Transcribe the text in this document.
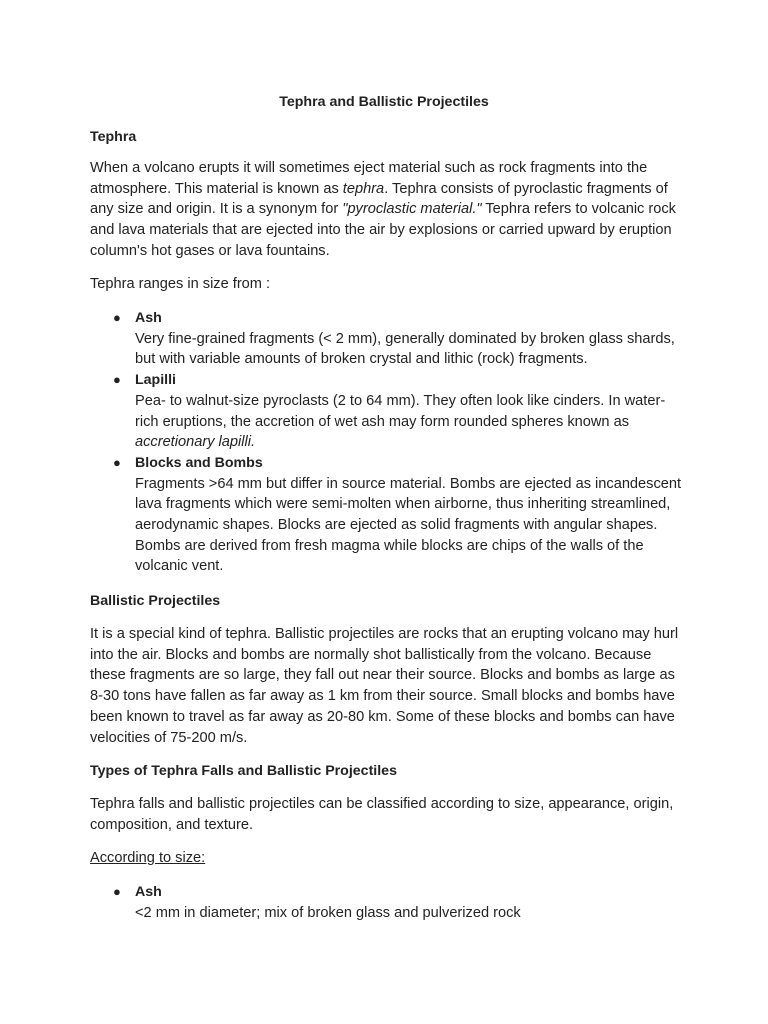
Tephra and Ballistic Projectiles

Tephra

When a volcano erupts it will sometimes eject material such as rock fragments into the atmosphere. This material is known as tephra. Tephra consists of pyroclastic fragments of any size and origin. It is a synonym for "pyroclastic material." Tephra refers to volcanic rock and lava materials that are ejected into the air by explosions or carried upward by eruption column's hot gases or lava fountains.

Tephra ranges in size from :

● Ash
Very fine-grained fragments (< 2 mm), generally dominated by broken glass shards, but with variable amounts of broken crystal and lithic (rock) fragments.
● Lapilli
Pea- to walnut-size pyroclasts (2 to 64 mm). They often look like cinders. In water-rich eruptions, the accretion of wet ash may form rounded spheres known as accretionary lapilli.
● Blocks and Bombs
Fragments >64 mm but differ in source material. Bombs are ejected as incandescent lava fragments which were semi-molten when airborne, thus inheriting streamlined, aerodynamic shapes. Blocks are ejected as solid fragments with angular shapes. Bombs are derived from fresh magma while blocks are chips of the walls of the volcanic vent.

Ballistic Projectiles

It is a special kind of tephra. Ballistic projectiles are rocks that an erupting volcano may hurl into the air. Blocks and bombs are normally shot ballistically from the volcano. Because these fragments are so large, they fall out near their source. Blocks and bombs as large as 8-30 tons have fallen as far away as 1 km from their source. Small blocks and bombs have been known to travel as far away as 20-80 km. Some of these blocks and bombs can have velocities of 75-200 m/s.

Types of Tephra Falls and Ballistic Projectiles

Tephra falls and ballistic projectiles can be classified according to size, appearance, origin, composition, and texture.

According to size:

● Ash
<2 mm in diameter; mix of broken glass and pulverized rock
